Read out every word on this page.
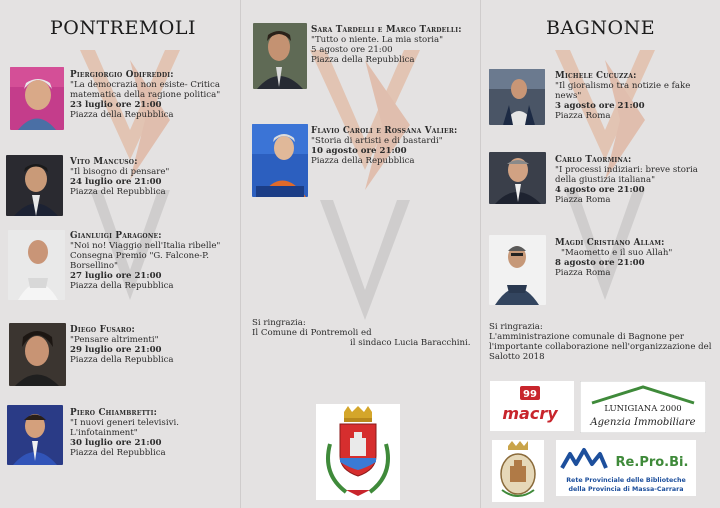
PONTREMOLI	BAGNONE
Piergiorgio Odifreddi:
"La democrazia non esiste- Critica matematica della ragione politica"
23 luglio ore 21:00
Piazza della Repubblica
Vito Mancuso:
"Il bisogno di pensare"
24 luglio ore 21:00
Piazza del Repubblica
Gianluigi Paragone:
"Noi no! Viaggio nell'Italia ribelle"
Consegna Premio "G. Falcone-P. Borsellino"
27 luglio ore 21:00
Piazza della Repubblica
Diego Fusaro:
"Pensare altrimenti"
29 luglio ore 21:00
Piazza della Repubblica
Piero Chiambretti:
"I nuovi generi televisivi. L'infotainment"
30 luglio ore 21:00
Piazza del Repubblica
Sara Tardelli e Marco Tardelli:
"Tutto o niente. La mia storia"
5 agosto ore 21:00
Piazza della Repubblica
Flavio Caroli e Rossana Valier:
"Storia di artisti e di bastardi"
10 agosto ore 21:00
Piazza della Repubblica
Si ringrazia:
Il Comune di Pontremoli ed
il sindaco Lucia Baracchini.
Michele Cucuzza:
"Il gioralismo tra notizie e fake news"
3 agosto ore 21:00
Piazza Roma
Carlo Taormina:
"I processi indiziari: breve storia della giustizia italiana"
4 agosto ore 21:00
Piazza Roma
Magdi Cristiano Allam:
"Maometto e il suo Allah"
8 agosto ore 21:00
Piazza Roma
Si ringrazia:
L'amministrazione comunale di Bagnone per l'importante collaborazione nell'organizzazione del Salotto 2018
99
macry	LUNIGIANA 2000
Agenzia Immobiliare
Re.Pro.Bi.
Rete Provinciale delle Biblioteche
della Provincia di Massa-Carrara
